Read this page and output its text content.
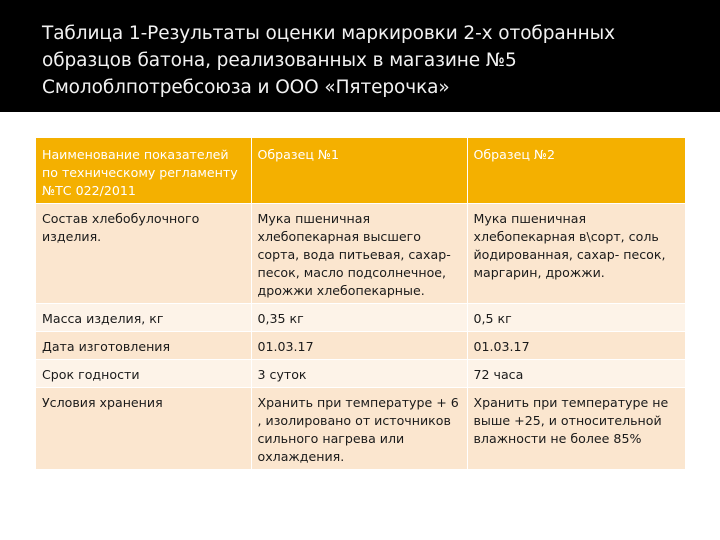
Таблица 1-Результаты оценки маркировки 2-х отобранных образцов батона, реализованных в магазине №5 Смолоблпотребсоюза и ООО «Пятерочка»
Наименование показателей по техническому регламенту №ТС 022/2011	Образец №1	Образец №2
Состав хлебобулочного изделия.	Мука пшеничная хлебопекарная высшего сорта, вода питьевая, сахар-песок, масло подсолнечное, дрожжи хлебопекарные.	Мука пшеничная хлебопекарная в\сорт, соль йодированная, сахар- песок, маргарин, дрожжи.
Масса изделия, кг	0,35 кг	0,5 кг
Дата изготовления	01.03.17	01.03.17
Срок годности	3 суток	72 часа
Условия хранения	Хранить при температуре + 6 , изолировано от источников сильного нагрева или охлаждения.	Хранить при температуре не выше +25, и относительной влажности не более 85%
